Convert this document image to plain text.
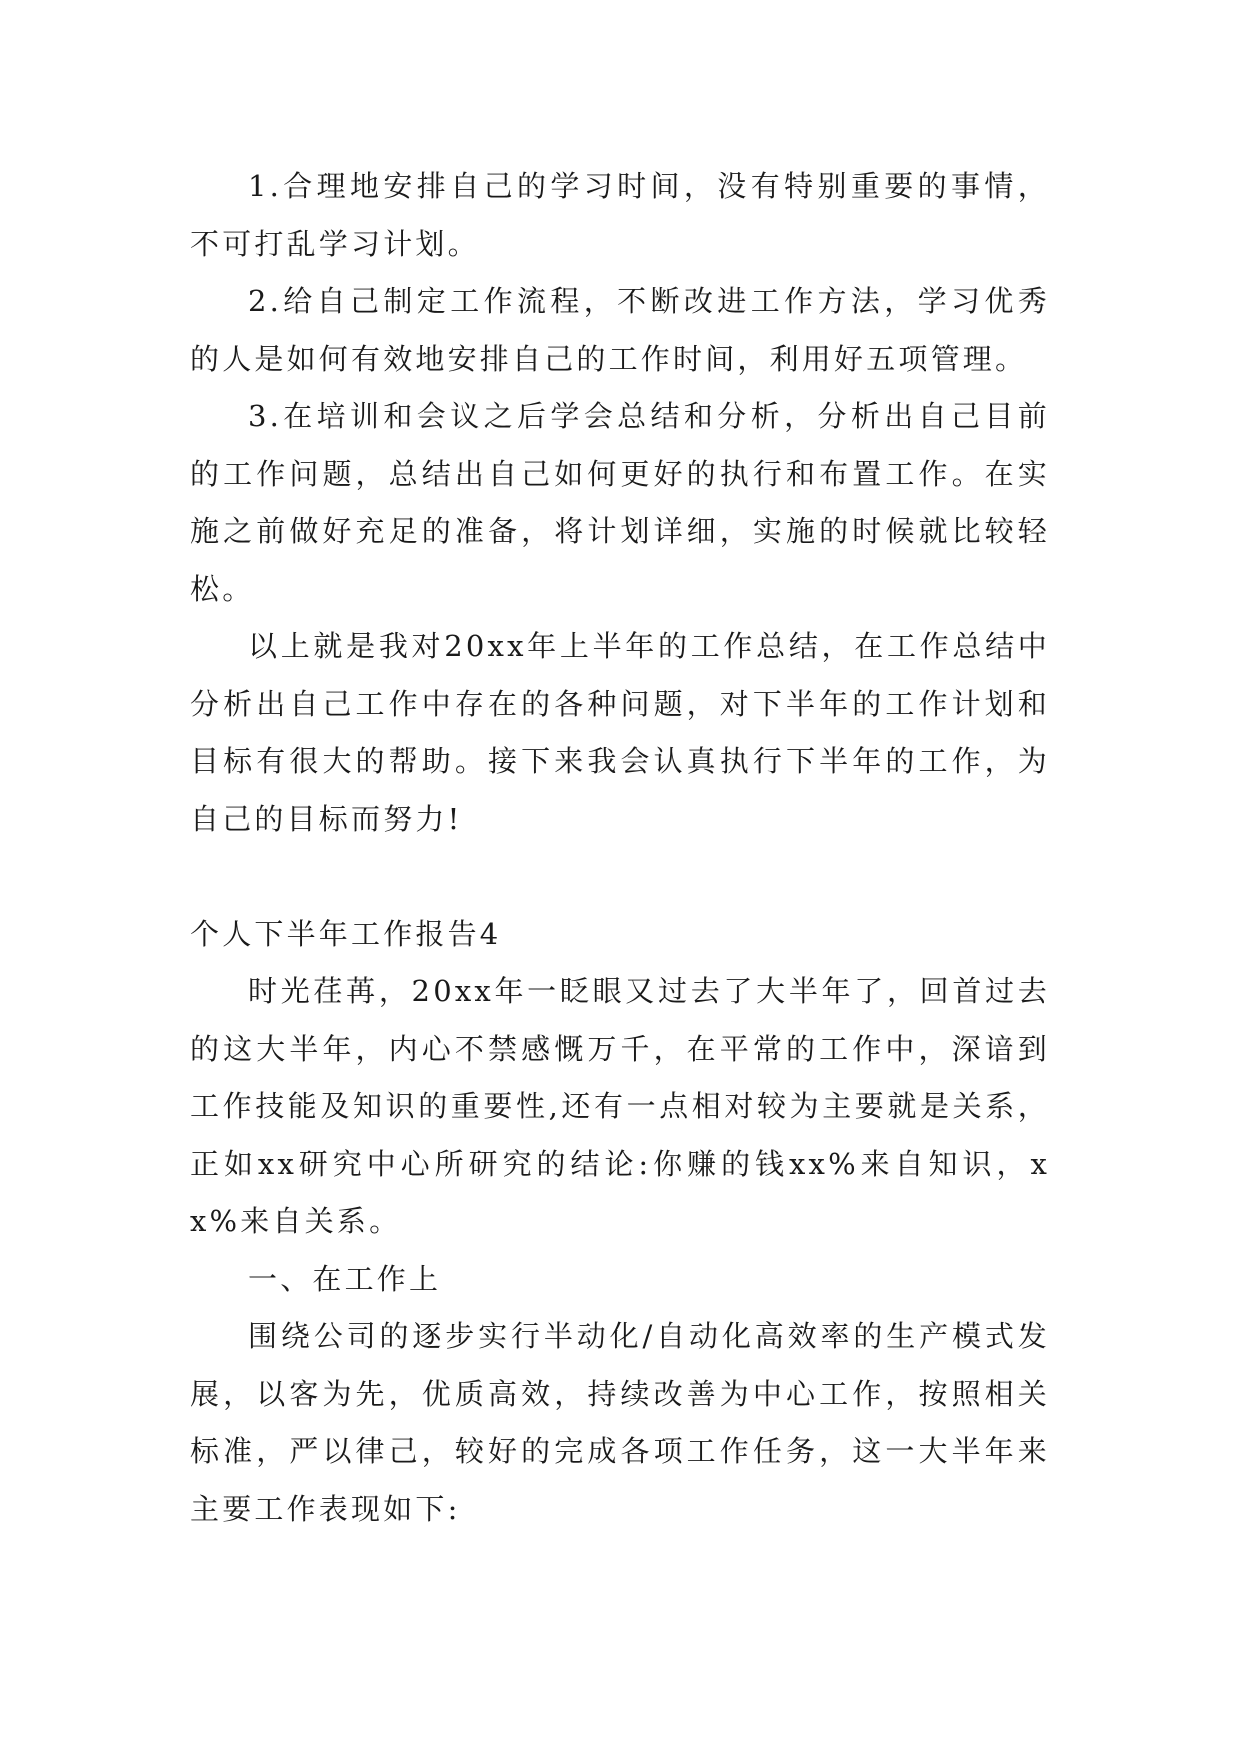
1.合理地安排自己的学习时间，没有特别重要的事情，不可打乱学习计划。

2.给自己制定工作流程，不断改进工作方法，学习优秀的人是如何有效地安排自己的工作时间，利用好五项管理。

3.在培训和会议之后学会总结和分析，分析出自己目前的工作问题，总结出自己如何更好的执行和布置工作。在实施之前做好充足的准备，将计划详细，实施的时候就比较轻松。

以上就是我对20xx年上半年的工作总结，在工作总结中分析出自己工作中存在的各种问题，对下半年的工作计划和目标有很大的帮助。接下来我会认真执行下半年的工作，为自己的目标而努力!

个人下半年工作报告4

时光荏苒，20xx年一眨眼又过去了大半年了，回首过去的这大半年，内心不禁感慨万千，在平常的工作中，深谙到工作技能及知识的重要性,还有一点相对较为主要就是关系，正如xx研究中心所研究的结论:你赚的钱xx%来自知识，xx%来自关系。

一、在工作上

围绕公司的逐步实行半动化/自动化高效率的生产模式发展，以客为先，优质高效，持续改善为中心工作，按照相关标准，严以律己，较好的完成各项工作任务，这一大半年来主要工作表现如下:
